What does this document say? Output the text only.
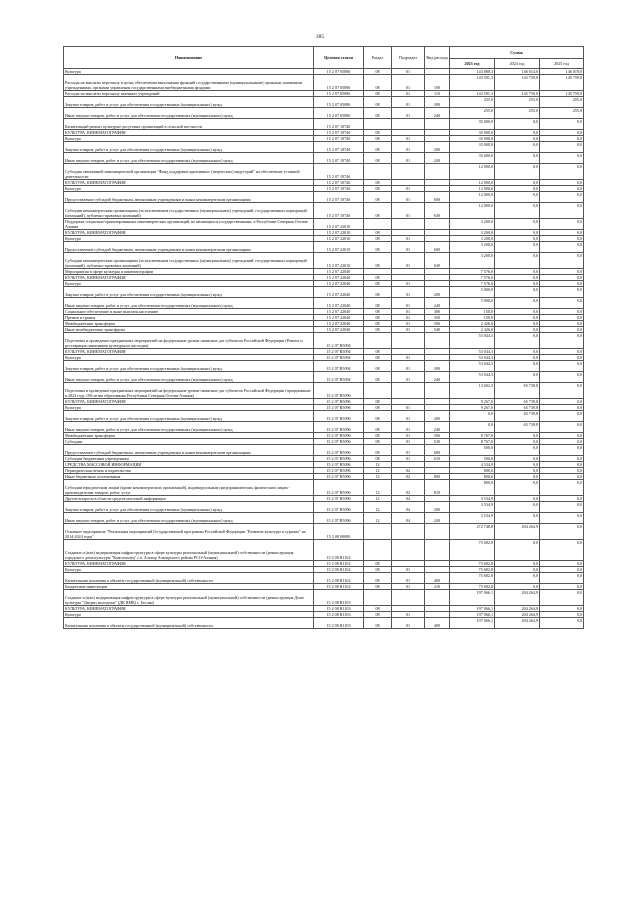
385
Наименование	Целевая статья	Раздел	Подраздел	Вид расхода	Сумма		
					2023 год	2024 год	2025 год
Культура	15 2 07 05086	08	01		143 880,3	146 014,0	146 019,0
Расходы на выплаты персоналу в целях обеспечения выполнения функций государственными (муниципальными) органами, казенными учреждениями, органами управления государственными внебюджетными фондами	15 2 07 05086	08	01	100	143 591,3	145 759,0	145 759,0
Расходы на выплаты персоналу казенных учреждений	15 2 07 05086	08	01	110	143 591,3	145 759,0	145 759,0
Закупка товаров, работ и услуг для обеспечения государственных (муниципальных) нужд	15 2 07 05086	08	01	200	255,0	255,0	255,0
Иные закупки товаров, работ и услуг для обеспечения государственных (муниципальных) нужд	15 2 07 05086	08	01	240	255,0	255,0	255,0
Капитальный ремонт культурно-досуговых организаций в сельской местности	15 2 07 10740				35 000,0	0,0	0,0
КУЛЬТУРА, КИНЕМАТОГРАФИЯ	15 2 07 10740	08			35 000,0	0,0	0,0
Культура	15 2 07 10740	08	01		35 000,0	0,0	0,0
Закупка товаров, работ и услуг для обеспечения государственных (муниципальных) нужд	15 2 07 10740	08	01	200	35 000,0	0,0	0,0
Иные закупки товаров, работ и услуг для обеспечения государственных (муниципальных) нужд	15 2 07 10740	08	01	240	35 000,0	0,0	0,0
Субсидия автономной некоммерческой организации "Фонд поддержки креативных (творческих) индустрий" на обеспечение уставной деятельности	15 2 07 10746				12 000,0	0,0	0,0
КУЛЬТУРА, КИНЕМАТОГРАФИЯ	15 2 07 10746	08			12 000,0	0,0	0,0
Культура	15 2 07 10746	08	01		12 000,0	0,0	0,0
Предоставление субсидий бюджетным, автономным учреждениям и иным некоммерческим организациям	15 2 07 10746	08	01	600	12 000,0	0,0	0,0
Субсидии некоммерческим организациям (за исключением государственных (муниципальных) учреждений, государственных корпораций (компаний), публично-правовых компаний)	15 2 07 10746	08	01	630	12 000,0	0,0	0,0
Поддержка социально-ориентированных некоммерческих организаций, не являющихся государственными, в Республике Северная Осетия-Алания	15 2 07 22010				3 200,0	0,0	0,0
КУЛЬТУРА, КИНЕМАТОГРАФИЯ	15 2 07 22010	08			3 200,0	0,0	0,0
Культура	15 2 07 22010	08	01		3 200,0	0,0	0,0
Предоставление субсидий бюджетным, автономным учреждениям и иным некоммерческим организациям	15 2 07 22010	08	01	600	3 200,0	0,0	0,0
Субсидии некоммерческим организациям (за исключением государственных (муниципальных) учреждений, государственных корпораций (компаний), публично-правовых компаний)	15 2 07 22010	08	01	630	3 200,0	0,0	0,0
Мероприятия в сфере культуры и кинематографии	15 2 07 22040				7 576,0	0,0	0,0
КУЛЬТУРА, КИНЕМАТОГРАФИЯ	15 2 07 22040	08			7 576,0	0,0	0,0
Культура	15 2 07 22040	08	01		7 576,0	0,0	0,0
Закупка товаров, работ и услуг для обеспечения государственных (муниципальных) нужд	15 2 07 22040	08	01	200	5 000,0	0,0	0,0
Иные закупки товаров, работ и услуг для обеспечения государственных (муниципальных) нужд	15 2 07 22040	08	01	240	5 000,0	0,0	0,0
Социальное обеспечение и иные выплаты населению	15 2 07 22040	08	01	300	150,0	0,0	0,0
Премии и гранты	15 2 07 22040	08	01	350	150,0	0,0	0,0
Межбюджетные трансферты	15 2 07 22040	08	01	500	2 426,0	0,0	0,0
Иные межбюджетные трансферты	15 2 07 22040	08	01	540	2 426,0	0,0	0,0
Подготовка и проведение праздничных мероприятий на федеральном уровне памятных дат субъектов Российской Федерации (Ремонт и реставрация памятников культурного наследия)	15 2 07 R5094				53 044,3	0,0	0,0
КУЛЬТУРА, КИНЕМАТОГРАФИЯ	15 2 07 R5094	08			53 044,3	0,0	0,0
Культура	15 2 07 R5094	08	01		53 044,3	0,0	0,0
Закупка товаров, работ и услуг для обеспечения государственных (муниципальных) нужд	15 2 07 R5094	08	01	200	53 044,3	0,0	0,0
Иные закупки товаров, работ и услуг для обеспечения государственных (муниципальных) нужд	15 2 07 R5094	08	01	240	53 044,3	0,0	0,0
Подготовка и проведение праздничных мероприятий на федеральном уровне памятных дат субъектов Российской Федерации (празднование в 2024 году 100-летия образования Республики Северная Осетия-Алания)	15 2 07 R5096				13 602,5	65 739,8	0,0
КУЛЬТУРА, КИНЕМАТОГРАФИЯ	15 2 07 R5096	08			9 267,6	65 739,8	0,0
Культура	15 2 07 R5096	08	01		9 267,6	65 739,8	0,0
Закупка товаров, работ и услуг для обеспечения государственных (муниципальных) нужд	15 2 07 R5096	08	01	200	0,0	65 739,8	0,0
Иные закупки товаров, работ и услуг для обеспечения государственных (муниципальных) нужд	15 2 07 R5096	08	01	240	0,0	65 739,8	0,0
Межбюджетные трансферты	15 2 07 R5096	08	01	500	8 767,6	0,0	0,0
Субсидии	15 2 07 R5096	08	01	520	8 767,6	0,0	0,0
Предоставление субсидий бюджетным, автономным учреждениям и иным некоммерческим организациям	15 2 07 R5096	08	01	600	500,0	0,0	0,0
Субсидии бюджетным учреждениям	15 2 07 R5096	08	01	610	500,0	0,0	0,0
СРЕДСТВА МАССОВОЙ ИНФОРМАЦИИ	15 2 07 R5096	12			4 334,9	0,0	0,0
Периодическая печать и издательства	15 2 07 R5096	12	02		800,0	0,0	0,0
Иные бюджетные ассигнования	15 2 07 R5096	12	02	800	800,0	0,0	0,0
Субсидии юридическим лицам (кроме некоммерческих организаций), индивидуальным предпринимателям, физическим лицам - производителям товаров, работ, услуг	15 2 07 R5096	12	02	810	800,0	0,0	0,0
Другие вопросы в области средств массовой информации	15 2 07 R5096	12	04		3 534,9	0,0	0,0
Закупка товаров, работ и услуг для обеспечения государственных (муниципальных) нужд	15 2 07 R5096	12	04	200	3 534,9	0,0	0,0
Иные закупки товаров, работ и услуг для обеспечения государственных (муниципальных) нужд	15 2 07 R5096	12	04	240	3 534,9	0,0	0,0
Основное мероприятие "Реализация мероприятий Государственной программы Российской Федерации "Развитие культуры и туризма" на 2014-2024 годы"	15 2 08 00000				272 748,8	204 264,9	0,0
Создание и (или) модернизация инфраструктуры в сфере культуры региональной (муниципальной) собственности (реконструкция городского дома культуры "Комсомолец" г.п. Алагир Алагирского района РСО-Алания)	15 2 08 R1102				75 682,8	0,0	0,0
КУЛЬТУРА, КИНЕМАТОГРАФИЯ	15 2 08 R1102	08			75 682,8	0,0	0,0
Культура	15 2 08 R1102	08	01		75 682,8	0,0	0,0
Капитальные вложения в объекты государственной (муниципальной) собственности	15 2 08 R1102	08	01	400	75 682,8	0,0	0,0
Бюджетные инвестиции	15 2 08 R1102	08	01	410	75 682,8	0,0	0,0
Создание и (или) модернизация инфраструктуры в сфере культуры региональной (муниципальной) собственности (реконструкция Дома культуры "Дворец молодежи" (ДК ВМК) г. Беслан)	15 2 08 R1103				197 066,1	204 264,9	0,0
КУЛЬТУРА, КИНЕМАТОГРАФИЯ	15 2 08 R1103	08			197 066,1	204 264,9	0,0
Культура	15 2 08 R1103	08	01		197 066,1	204 264,9	0,0
Капитальные вложения в объекты государственной (муниципальной) собственности	15 2 08 R1103	08	01	400	197 066,1	204 264,9	0,0
